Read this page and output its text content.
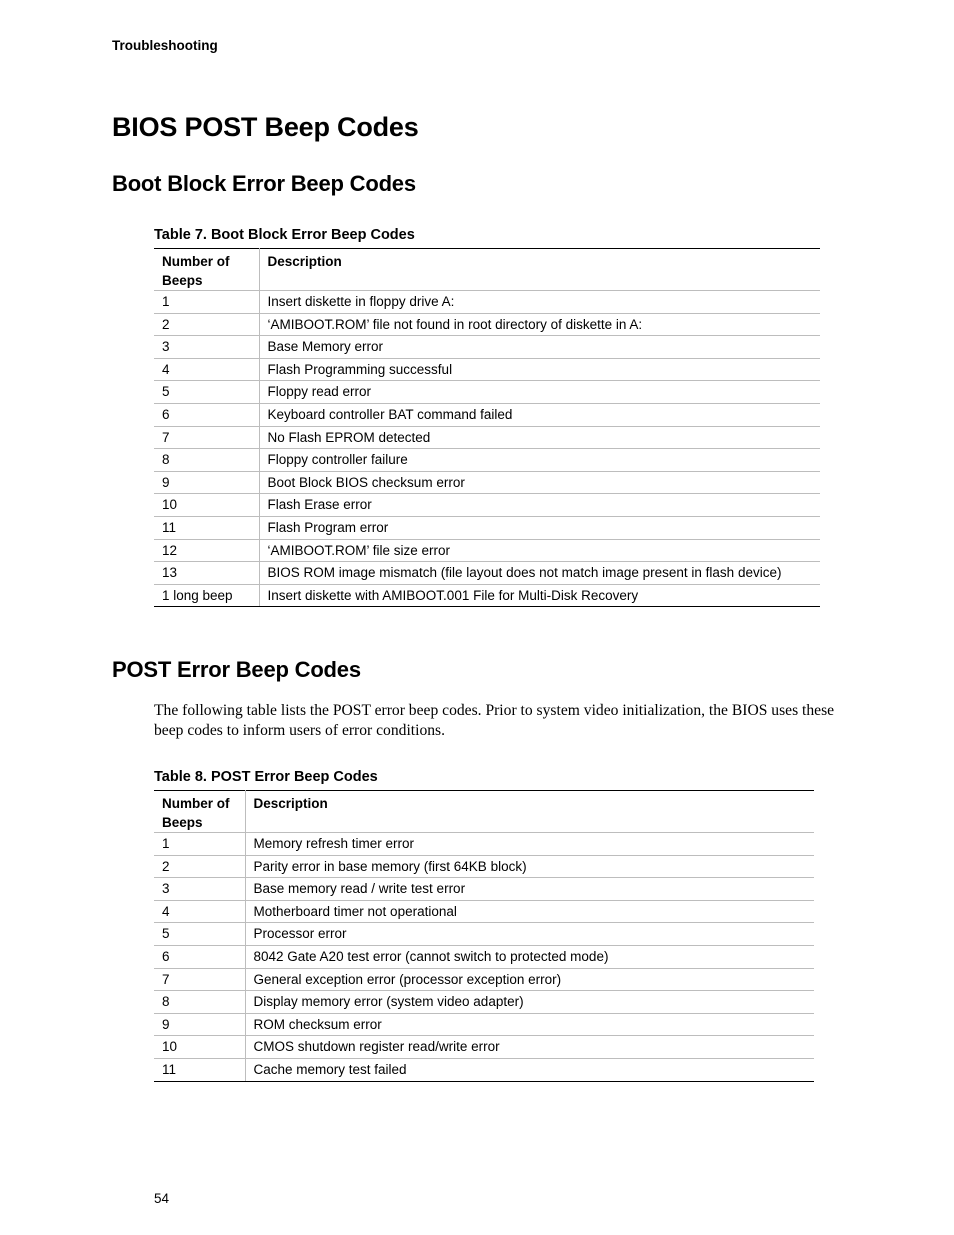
Troubleshooting
BIOS POST Beep Codes
Boot Block Error Beep Codes
Table 7. Boot Block Error Beep Codes
Number of Beeps	Description
1	Insert diskette in floppy drive A:
2	‘AMIBOOT.ROM’ file not found in root directory of diskette in A:
3	Base Memory error
4	Flash Programming successful
5	Floppy read error
6	Keyboard controller BAT command failed
7	No Flash EPROM detected
8	Floppy controller failure
9	Boot Block BIOS checksum error
10	Flash Erase error
11	Flash Program error
12	‘AMIBOOT.ROM’ file size error
13	BIOS ROM image mismatch (file layout does not match image present in flash device)
1 long beep	Insert diskette with AMIBOOT.001 File for Multi-Disk Recovery
POST Error Beep Codes

The following table lists the POST error beep codes. Prior to system video initialization, the BIOS uses these beep codes to inform users of error conditions.

Table 8. POST Error Beep Codes
Number of Beeps	Description
1	Memory refresh timer error
2	Parity error in base memory (first 64KB block)
3	Base memory read / write test error
4	Motherboard timer not operational
5	Processor error
6	8042 Gate A20 test error (cannot switch to protected mode)
7	General exception error (processor exception error)
8	Display memory error (system video adapter)
9	ROM checksum error
10	CMOS shutdown register read/write error
11	Cache memory test failed
54
